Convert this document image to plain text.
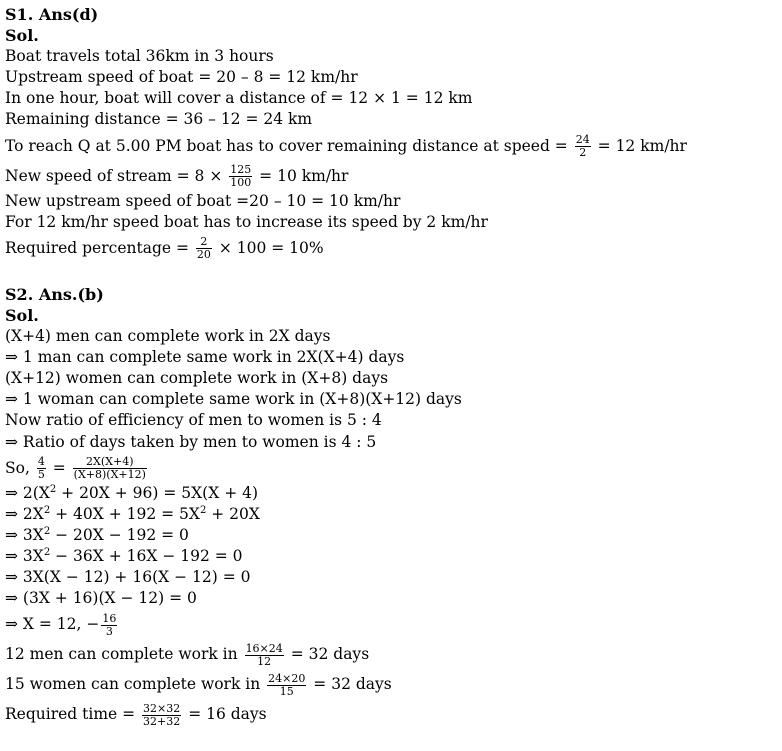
S1. Ans(d)
Sol.
Boat travels total 36km in 3 hours
Upstream speed of boat = 20 – 8 = 12 km/hr
In one hour, boat will cover a distance of = 12 × 1 = 12 km
Remaining distance = 36 – 12 = 24 km
To reach Q at 5.00 PM boat has to cover remaining distance at speed = $\frac{24}{2} = 12$ km/hr
New speed of stream = $8 \times \frac{125}{100} = 10$ km/hr
New upstream speed of boat =20 – 10 = 10 km/hr
For 12 km/hr speed boat has to increase its speed by 2 km/hr
Required percentage = $\frac{2}{20} \times 100 = 10\%$
S2. Ans.(b)
Sol.
(X+4) men can complete work in 2X days
⇒ 1 man can complete same work in 2X(X+4) days
(X+12) women can complete work in (X+8) days
⇒ 1 woman can complete same work in (X+8)(X+12) days
Now ratio of efficiency of men to women is 5 : 4
⇒ Ratio of days taken by men to women is 4 : 5
So, $\frac{4}{5} = \frac{2X(X+4)}{(X+8)(X+12)}$
⇒ $2(X^2 + 20X + 96) = 5X(X + 4)$
⇒ $2X^2 + 40X + 192 = 5X^2 + 20X$
⇒ $3X^2 - 20X - 192 = 0$
⇒ $3X^2 - 36X + 16X - 192 = 0$
⇒ 3X(X − 12) + 16(X − 12) = 0
⇒ (3X + 16)(X − 12) = 0
⇒ X = 12, − $\frac{16}{3}$
12 men can complete work in $\frac{16\times 24}{12} = 32$ days
15 women can complete work in $\frac{24\times 20}{15} = 32$ days
Required time = $\frac{32\times 32}{32+32} = 16$ days
